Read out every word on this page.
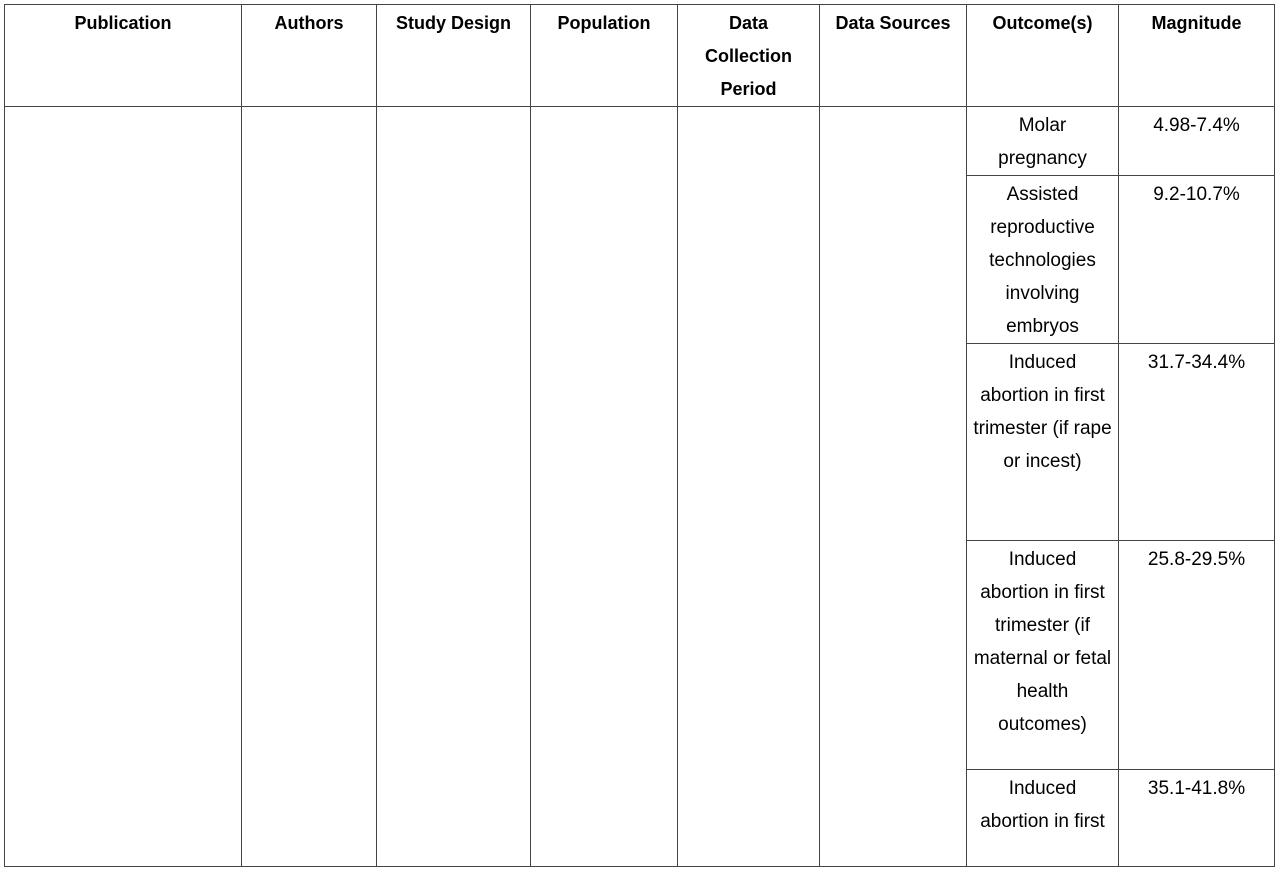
Publication	Authors	Study Design	Population	Data Collection Period	Data Sources	Outcome(s)	Magnitude
						Molar pregnancy	4.98-7.4%
						Assisted reproductive technologies involving embryos	9.2-10.7%
						Induced abortion in first trimester (if rape or incest)	31.7-34.4%
						Induced abortion in first trimester (if maternal or fetal health outcomes)	25.8-29.5%
						Induced abortion in first	35.1-41.8%
